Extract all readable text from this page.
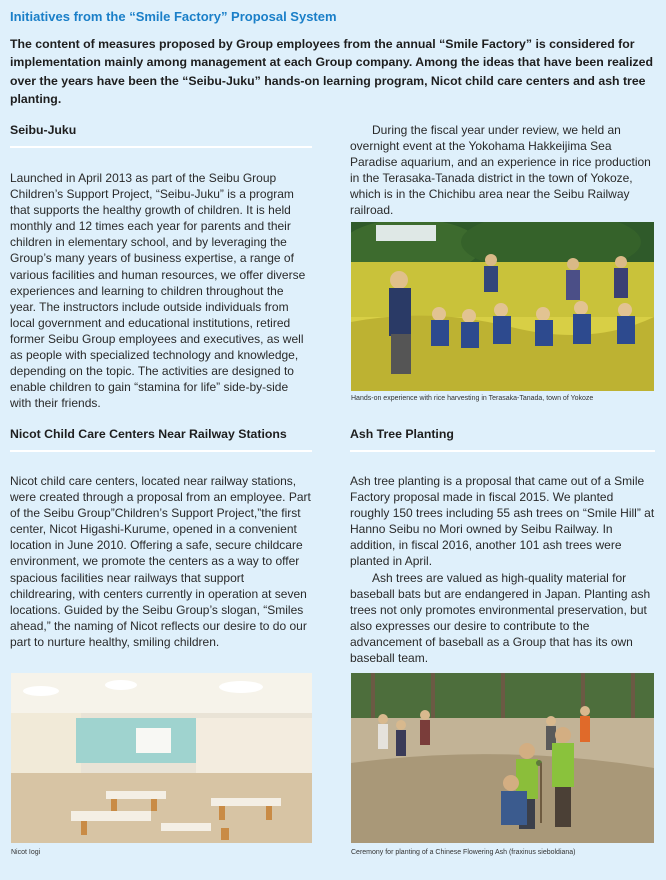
Initiatives from the “Smile Factory” Proposal System

The content of measures proposed by Group employees from the annual “Smile Factory” is considered for implementation mainly among management at each Group company. Among the ideas that have been realized over the years have been the “Seibu-Juku” hands-on learning program, Nicot child care centers and ash tree planting.

Seibu-Juku

Launched in April 2013 as part of the Seibu Group Children’s Support Project, “Seibu-Juku” is a program that supports the healthy growth of children. It is held monthly and 12 times each year for parents and their children in elementary school, and by leveraging the Group’s many years of business expertise, a range of various facilities and human resources, we offer diverse experiences and learning to children throughout the year. The instructors include outside individuals from local government and educational institutions, retired former Seibu Group employees and executives, as well as people with specialized technology and knowledge, depending on the topic. The activities are designed to enable children to gain “stamina for life” side-by-side with their friends.

During the fiscal year under review, we held an overnight event at the Yokohama Hakkeijima Sea Paradise aquarium, and an experience in rice production in the Terasaka-Tanada district in the town of Yokoze, which is in the Chichibu area near the Seibu Railway railroad.

Hands-on experience with rice harvesting in Terasaka-Tanada, town of Yokoze

Nicot Child Care Centers Near Railway Stations

Nicot child care centers, located near railway stations, were created through a proposal from an employee. Part of the Seibu Group”Children’s Support Project,”the first center, Nicot Higashi-Kurume, opened in a convenient location in June 2010. Offering a safe, secure childcare environment, we promote the centers as a way to offer spacious facilities near railways that support childrearing, with centers currently in operation at seven locations. Guided by the Seibu Group’s slogan, “Smiles ahead,” the naming of Nicot reflects our desire to do our part to nurture healthy, smiling children.

Nicot Iogi

Ash Tree Planting

Ash tree planting is a proposal that came out of a Smile Factory proposal made in fiscal 2015. We planted roughly 150 trees including 55 ash trees on “Smile Hill” at Hanno Seibu no Mori owned by Seibu Railway. In addition, in fiscal 2016, another 101 ash trees were planted in April.

Ash trees are valued as high-quality material for baseball bats but are endangered in Japan. Planting ash trees not only promotes environmental preservation, but also expresses our desire to contribute to the advancement of baseball as a Group that has its own baseball team.

Ceremony for planting of a Chinese Flowering Ash (fraxinus sieboldiana)
